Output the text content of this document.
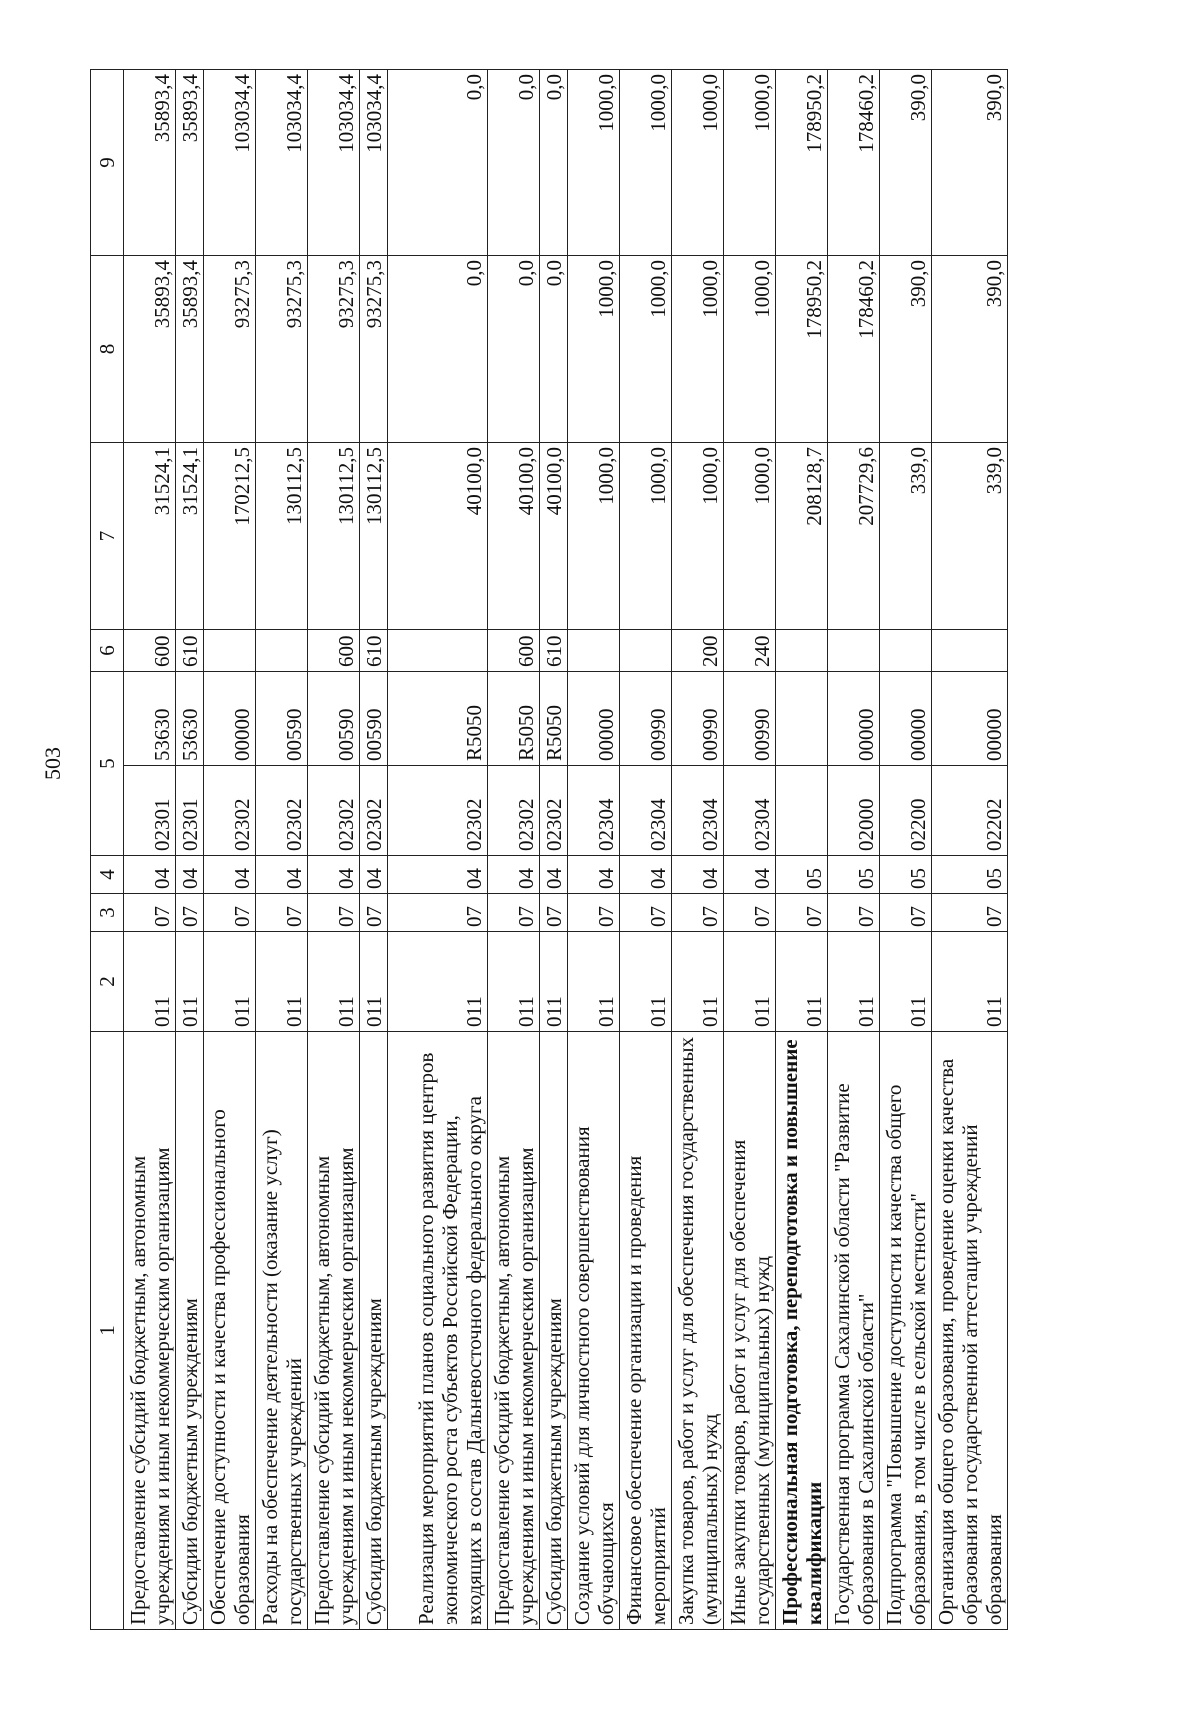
503
1	2	3	4	5		6	7	8	9
Предоставление субсидий бюджетным, автономным учреждениям и иным некоммерческим организациям	011	07	04	02301	53630	600	31524,1	35893,4	35893,4
Субсидии бюджетным учреждениям	011	07	04	02301	53630	610	31524,1	35893,4	35893,4
Обеспечение доступности и качества профессионального образования	011	07	04	02302	00000		170212,5	93275,3	103034,4
Расходы на обеспечение деятельности (оказание услуг) государственных учреждений	011	07	04	02302	00590		130112,5	93275,3	103034,4
Предоставление субсидий бюджетным, автономным учреждениям и иным некоммерческим организациям	011	07	04	02302	00590	600	130112,5	93275,3	103034,4
Субсидии бюджетным учреждениям	011	07	04	02302	00590	610	130112,5	93275,3	103034,4
Реализация мероприятий планов социального развития центров экономического роста субъектов Российской Федерации, входящих в состав Дальневосточного федерального округа	011	07	04	02302	R5050		40100,0	0,0	0,0
Предоставление субсидий бюджетным, автономным учреждениям и иным некоммерческим организациям	011	07	04	02302	R5050	600	40100,0	0,0	0,0
Субсидии бюджетным учреждениям	011	07	04	02302	R5050	610	40100,0	0,0	0,0
Создание условий для личностного совершенствования обучающихся	011	07	04	02304	00000		1000,0	1000,0	1000,0
Финансовое обеспечение организации и проведения мероприятий	011	07	04	02304	00990		1000,0	1000,0	1000,0
Закупка товаров, работ и услуг для обеспечения государственных (муниципальных) нужд	011	07	04	02304	00990	200	1000,0	1000,0	1000,0
Иные закупки товаров, работ и услуг для обеспечения государственных (муниципальных) нужд	011	07	04	02304	00990	240	1000,0	1000,0	1000,0
Профессиональная подготовка, переподготовка и повышение квалификации	011	07	05				208128,7	178950,2	178950,2
Государственная программа Сахалинской области "Развитие образования в Сахалинской области"	011	07	05	02000	00000		207729,6	178460,2	178460,2
Подпрограмма "Повышение доступности и качества общего образования, в том числе в сельской местности"	011	07	05	02200	00000		339,0	390,0	390,0
Организация общего образования, проведение оценки качества образования и государственной аттестации учреждений образования	011	07	05	02202	00000		339,0	390,0	390,0
